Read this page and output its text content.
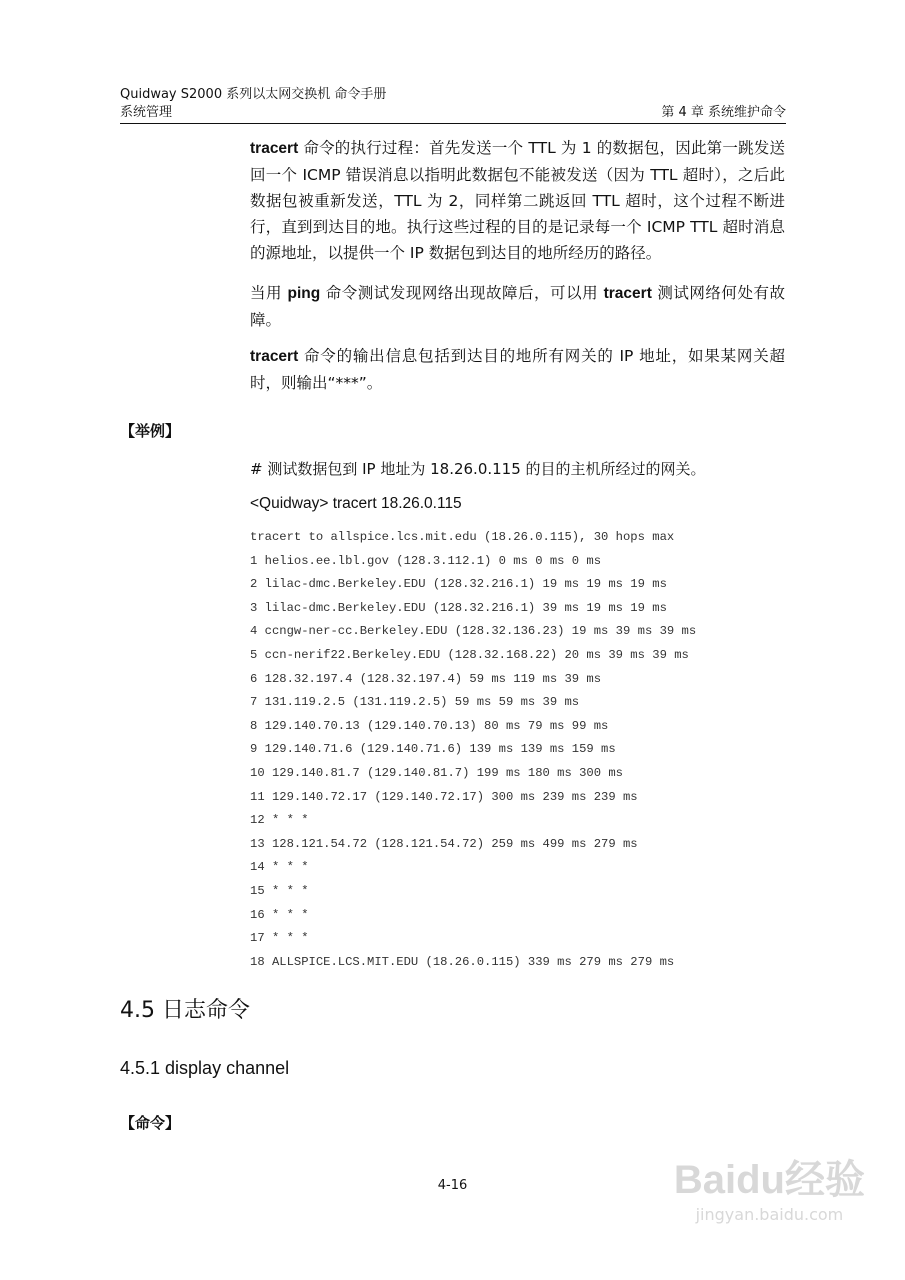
Quidway S2000 系列以太网交换机 命令手册
系统管理	第 4 章 系统维护命令
tracert 命令的执行过程：首先发送一个 TTL 为 1 的数据包，因此第一跳发送回一个 ICMP 错误消息以指明此数据包不能被发送（因为 TTL 超时），之后此数据包被重新发送，TTL 为 2，同样第二跳返回 TTL 超时，这个过程不断进行，直到到达目的地。执行这些过程的目的是记录每一个 ICMP TTL 超时消息的源地址，以提供一个 IP 数据包到达目的地所经历的路径。
当用 ping 命令测试发现网络出现故障后，可以用 tracert 测试网络何处有故障。
tracert 命令的输出信息包括到达目的地所有网关的 IP 地址，如果某网关超时，则输出“***”。
【举例】
# 测试数据包到 IP 地址为 18.26.0.115 的目的主机所经过的网关。
<Quidway> tracert 18.26.0.115
tracert to allspice.lcs.mit.edu (18.26.0.115), 30 hops max
1 helios.ee.lbl.gov (128.3.112.1) 0 ms 0 ms 0 ms
2 lilac-dmc.Berkeley.EDU (128.32.216.1) 19 ms 19 ms 19 ms
3 lilac-dmc.Berkeley.EDU (128.32.216.1) 39 ms 19 ms 19 ms
4 ccngw-ner-cc.Berkeley.EDU (128.32.136.23) 19 ms 39 ms 39 ms
5 ccn-nerif22.Berkeley.EDU (128.32.168.22) 20 ms 39 ms 39 ms
6 128.32.197.4 (128.32.197.4) 59 ms 119 ms 39 ms
7 131.119.2.5 (131.119.2.5) 59 ms 59 ms 39 ms
8 129.140.70.13 (129.140.70.13) 80 ms 79 ms 99 ms
9 129.140.71.6 (129.140.71.6) 139 ms 139 ms 159 ms
10 129.140.81.7 (129.140.81.7) 199 ms 180 ms 300 ms
11 129.140.72.17 (129.140.72.17) 300 ms 239 ms 239 ms
12 * * *
13 128.121.54.72 (128.121.54.72) 259 ms 499 ms 279 ms
14 * * *
15 * * *
16 * * *
17 * * *
18 ALLSPICE.LCS.MIT.EDU (18.26.0.115) 339 ms 279 ms 279 ms
4.5 日志命令
4.5.1 display channel
【命令】
4-16	Baidu经验
jingyan.baidu.com
